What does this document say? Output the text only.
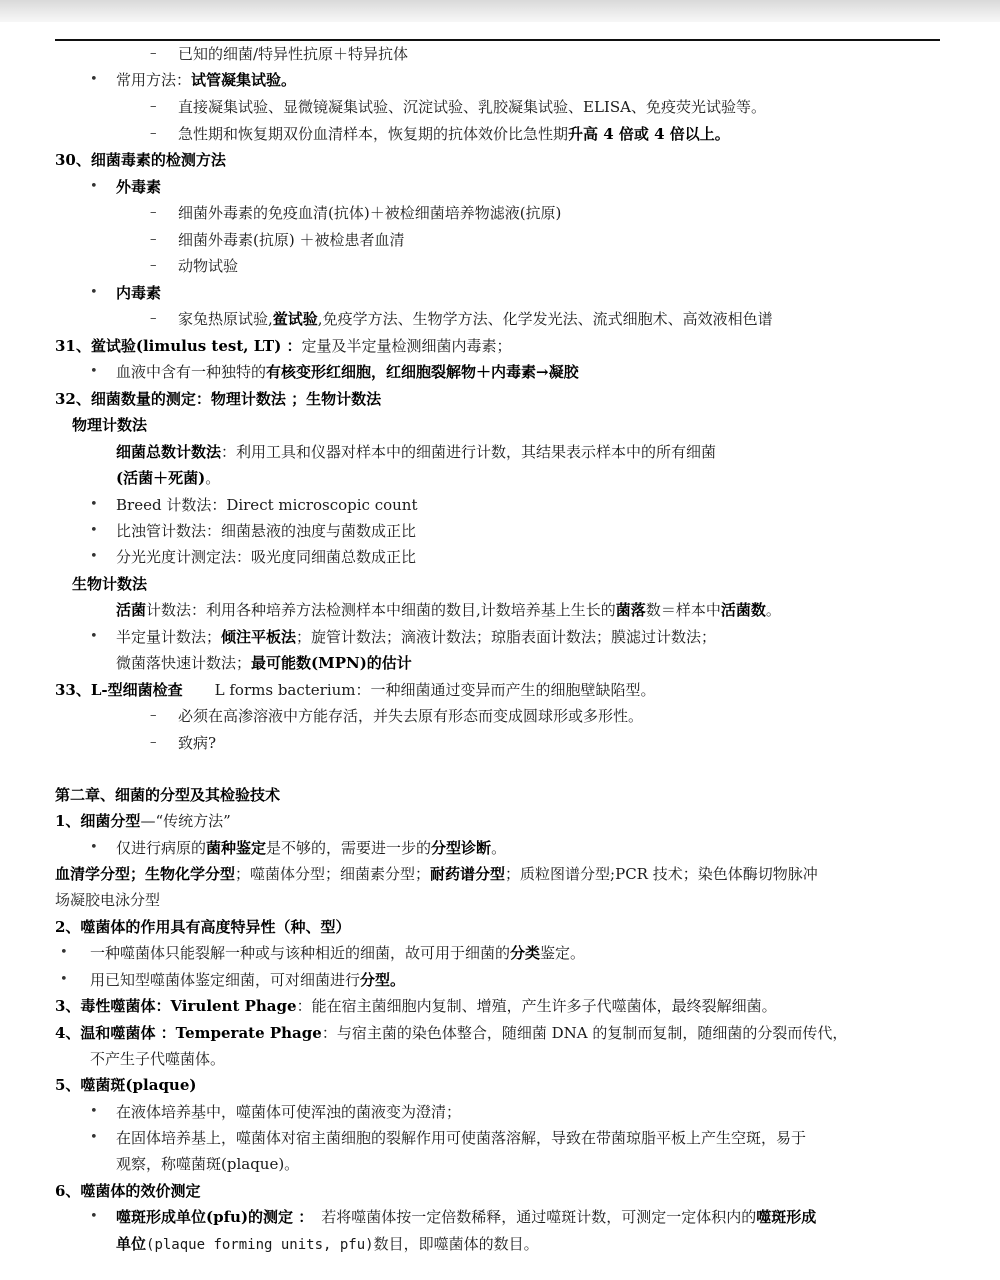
– 已知的细菌/特异性抗原＋特异抗体
• 常用方法：试管凝集试验。
– 直接凝集试验、显微镜凝集试验、沉淀试验、乳胶凝集试验、ELISA、免疫荧光试验等。
– 急性期和恢复期双份血清样本，恢复期的抗体效价比急性期升高 4 倍或 4 倍以上。
30、细菌毒素的检测方法
• 外毒素
– 细菌外毒素的免疫血清(抗体)＋被检细菌培养物滤液(抗原)
– 细菌外毒素(抗原) ＋被检患者血清
– 动物试验
• 内毒素
– 家兔热原试验,鲎试验,免疫学方法、生物学方法、化学发光法、流式细胞术、高效液相色谱
31、鲎试验(limulus test, LT) ：定量及半定量检测细菌内毒素；
• 血液中含有一种独特的有核变形红细胞，红细胞裂解物＋内毒素→凝胶
32、细菌数量的测定：物理计数法 ；生物计数法
物理计数法
细菌总数计数法：利用工具和仪器对样本中的细菌进行计数，其结果表示样本中的所有细菌
(活菌＋死菌)。
• Breed 计数法：Direct microscopic count
• 比浊管计数法：细菌悬液的浊度与菌数成正比
• 分光光度计测定法：吸光度同细菌总数成正比
生物计数法
活菌计数法：利用各种培养方法检测样本中细菌的数目,计数培养基上生长的菌落数＝样本中活菌数。
• 半定量计数法；倾注平板法；旋管计数法；滴液计数法；琼脂表面计数法；膜滤过计数法；
微菌落快速计数法；最可能数(MPN)的估计
33、L-型细菌检查 L forms bacterium：一种细菌通过变异而产生的细胞壁缺陷型。
– 必须在高渗溶液中方能存活，并失去原有形态而变成圆球形或多形性。
– 致病?
第二章、细菌的分型及其检验技术
1、细菌分型—“传统方法”
• 仅进行病原的菌种鉴定是不够的，需要进一步的分型诊断。
血清学分型；生物化学分型；噬菌体分型；细菌素分型；耐药谱分型；质粒图谱分型;PCR 技术；染色体酶切物脉冲
场凝胶电泳分型
2、噬菌体的作用具有高度特异性（种、型）
• 一种噬菌体只能裂解一种或与该种相近的细菌，故可用于细菌的分类鉴定。
• 用已知型噬菌体鉴定细菌，可对细菌进行分型。
3、毒性噬菌体：Virulent Phage：能在宿主菌细胞内复制、增殖，产生许多子代噬菌体，最终裂解细菌。
4、温和噬菌体 ：Temperate Phage：与宿主菌的染色体整合，随细菌 DNA 的复制而复制，随细菌的分裂而传代，
不产生子代噬菌体。
5、噬菌斑(plaque)
• 在液体培养基中，噬菌体可使浑浊的菌液变为澄清；
• 在固体培养基上，噬菌体对宿主菌细胞的裂解作用可使菌落溶解，导致在带菌琼脂平板上产生空斑，易于
观察，称噬菌斑(plaque)。
6、噬菌体的效价测定
• 噬斑形成单位(pfu)的测定 ： 若将噬菌体按一定倍数稀释，通过噬斑计数，可测定一定体积内的噬斑形成
单位(plaque forming units, pfu)数目，即噬菌体的数目。
